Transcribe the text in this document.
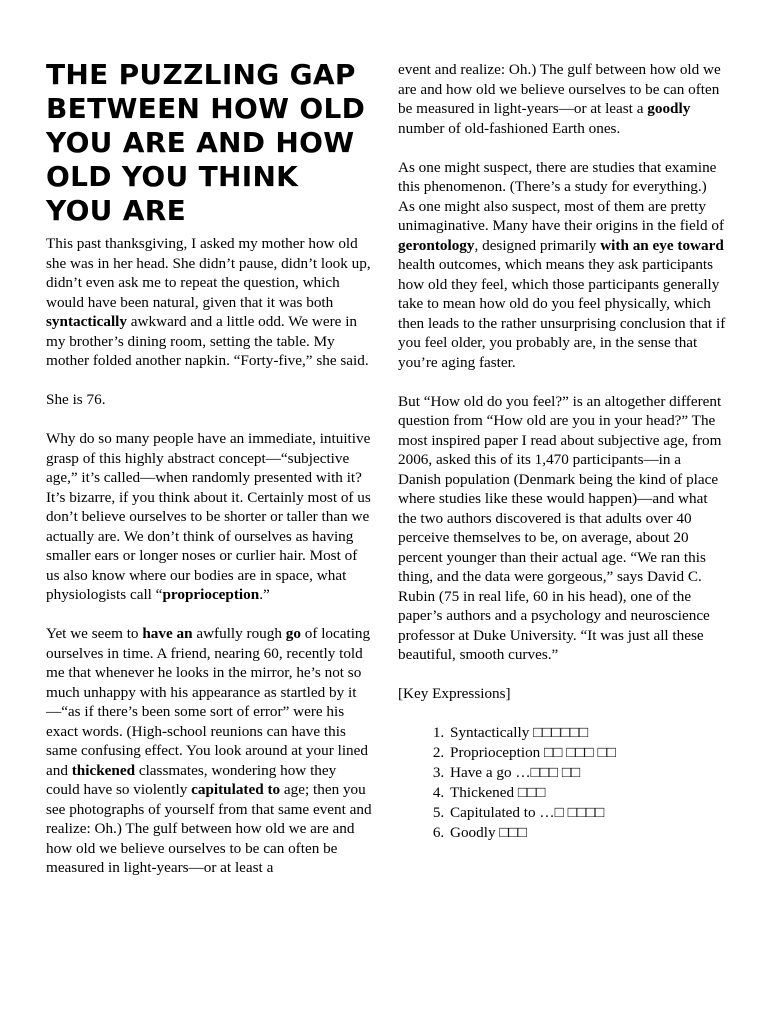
THE PUZZLING GAP BETWEEN HOW OLD YOU ARE AND HOW OLD YOU THINK YOU ARE

This past thanksgiving, I asked my mother how old she was in her head. She didn’t pause, didn’t look up, didn’t even ask me to repeat the question, which would have been natural, given that it was both syntactically awkward and a little odd. We were in my brother’s dining room, setting the table. My mother folded another napkin. “Forty-five,” she said.

She is 76.

Why do so many people have an immediate, intuitive grasp of this highly abstract concept—“subjective age,” it’s called—when randomly presented with it? It’s bizarre, if you think about it. Certainly most of us don’t believe ourselves to be shorter or taller than we actually are. We don’t think of ourselves as having smaller ears or longer noses or curlier hair. Most of us also know where our bodies are in space, what physiologists call “proprioception.”

Yet we seem to have an awfully rough go of locating ourselves in time. A friend, nearing 60, recently told me that whenever he looks in the mirror, he’s not so much unhappy with his appearance as startled by it—“as if there’s been some sort of error” were his exact words. (High-school reunions can have this same confusing effect. You look around at your lined and thickened classmates, wondering how they could have so violently capitulated to age; then you see photographs of yourself from that same event and realize: Oh.) The gulf between how old we are and how old we believe ourselves to be can often be measured in light-years—or at least a

event and realize: Oh.) The gulf between how old we are and how old we believe ourselves to be can often be measured in light-years—or at least a goodly number of old-fashioned Earth ones.

As one might suspect, there are studies that examine this phenomenon. (There’s a study for everything.) As one might also suspect, most of them are pretty unimaginative. Many have their origins in the field of gerontology, designed primarily with an eye toward health outcomes, which means they ask participants how old they feel, which those participants generally take to mean how old do you feel physically, which then leads to the rather unsurprising conclusion that if you feel older, you probably are, in the sense that you’re aging faster.

But “How old do you feel?” is an altogether different question from “How old are you in your head?” The most inspired paper I read about subjective age, from 2006, asked this of its 1,470 participants—in a Danish population (Denmark being the kind of place where studies like these would happen)—and what the two authors discovered is that adults over 40 perceive themselves to be, on average, about 20 percent younger than their actual age. “We ran this thing, and the data were gorgeous,” says David C. Rubin (75 in real life, 60 in his head), one of the paper’s authors and a psychology and neuroscience professor at Duke University. “It was just all these beautiful, smooth curves.”

[Key Expressions]

1. Syntactically □□□□□□
2. Proprioception □□ □□□ □□
3. Have a go …□□□ □□
4. Thickened □□□
5. Capitulated to …□ □□□□
6. Goodly □□□
